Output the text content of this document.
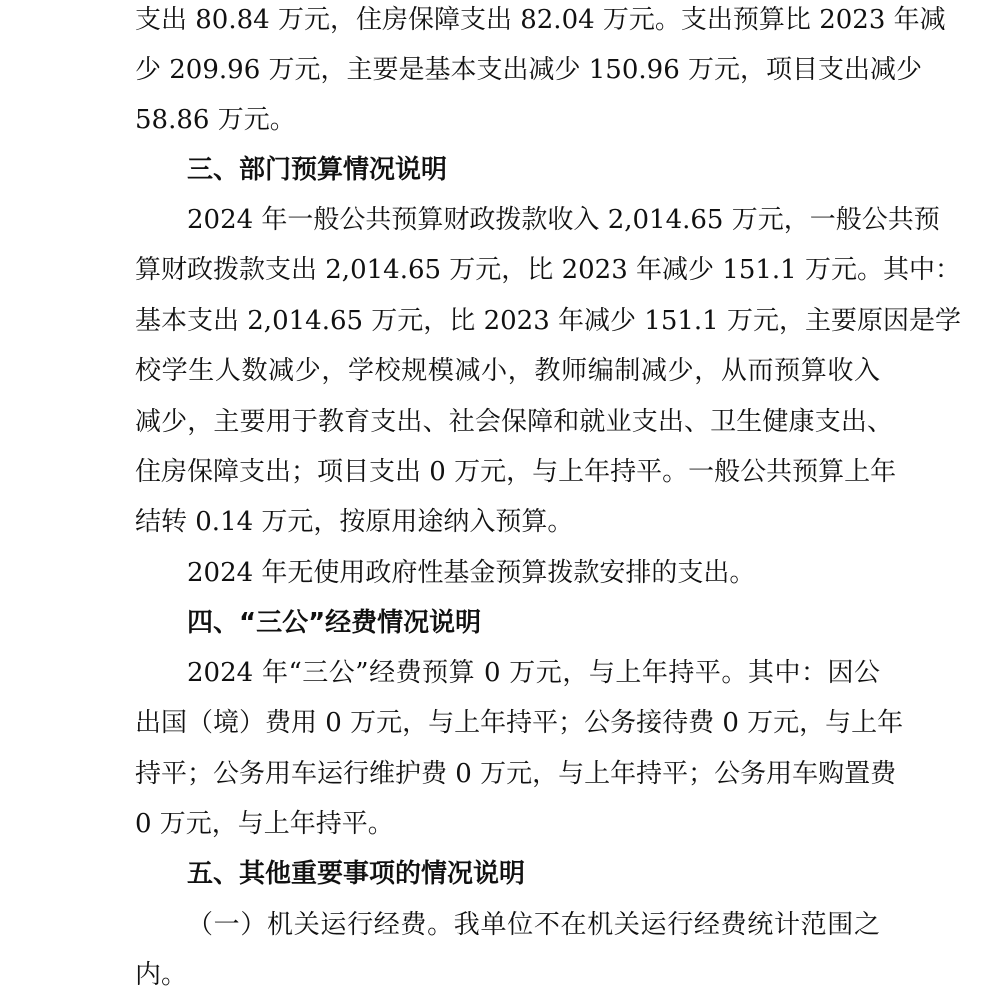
支出 80.84 万元，住房保障支出 82.04 万元。支出预算比 2023 年减

少 209.96 万元，主要是基本支出减少 150.96 万元，项目支出减少

58.86 万元。

三、部门预算情况说明

2024 年一般公共预算财政拨款收入 2,014.65 万元，一般公共预

算财政拨款支出 2,014.65 万元，比 2023 年减少 151.1 万元。其中：

基本支出 2,014.65 万元，比 2023 年减少 151.1 万元，主要原因是学

校学生人数减少，学校规模减小，教师编制减少，从而预算收入

减少，主要用于教育支出、社会保障和就业支出、卫生健康支出、

住房保障支出；项目支出 0 万元，与上年持平。一般公共预算上年

结转 0.14 万元，按原用途纳入预算。

2024 年无使用政府性基金预算拨款安排的支出。

四、“三公”经费情况说明

2024 年“三公”经费预算 0 万元，与上年持平。其中：因公

出国（境）费用 0 万元，与上年持平；公务接待费 0 万元，与上年

持平；公务用车运行维护费 0 万元，与上年持平；公务用车购置费

0 万元，与上年持平。

五、其他重要事项的情况说明

（一）机关运行经费。我单位不在机关运行经费统计范围之

内。
